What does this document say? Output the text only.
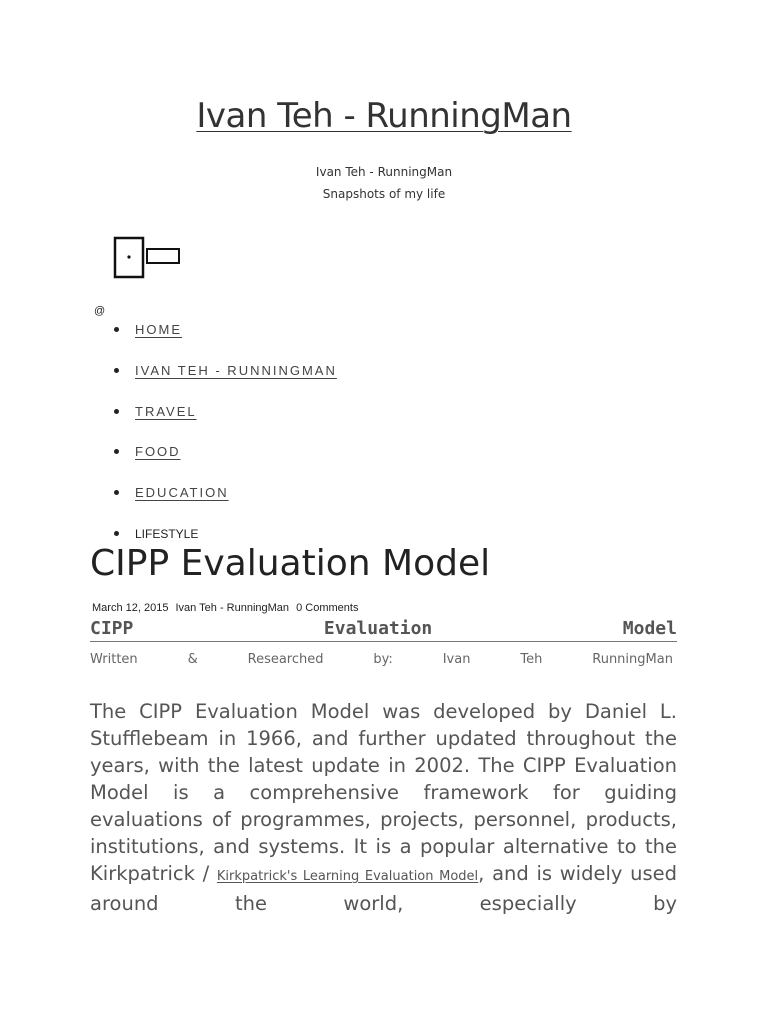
Ivan Teh - RunningMan
Ivan Teh - RunningMan
Snapshots of my life
@
HOME
IVAN TEH - RUNNINGMAN
TRAVEL
FOOD
EDUCATION
LIFESTYLE
CIPP Evaluation Model
March 12, 2015 Ivan Teh - RunningMan 0 Comments
CIPP	Evaluation	Model
Written	&	Researched	by:	Ivan	Teh	RunningMan

The CIPP Evaluation Model was developed by Daniel L. Stufflebeam in 1966, and further updated throughout the years, with the latest update in 2002. The CIPP Evaluation Model is a comprehensive framework for guiding evaluations of programmes, projects, personnel, products, institutions, and systems. It is a popular alternative to the Kirkpatrick / Kirkpatrick's Learning Evaluation Model, and is widely used around the world, especially by
